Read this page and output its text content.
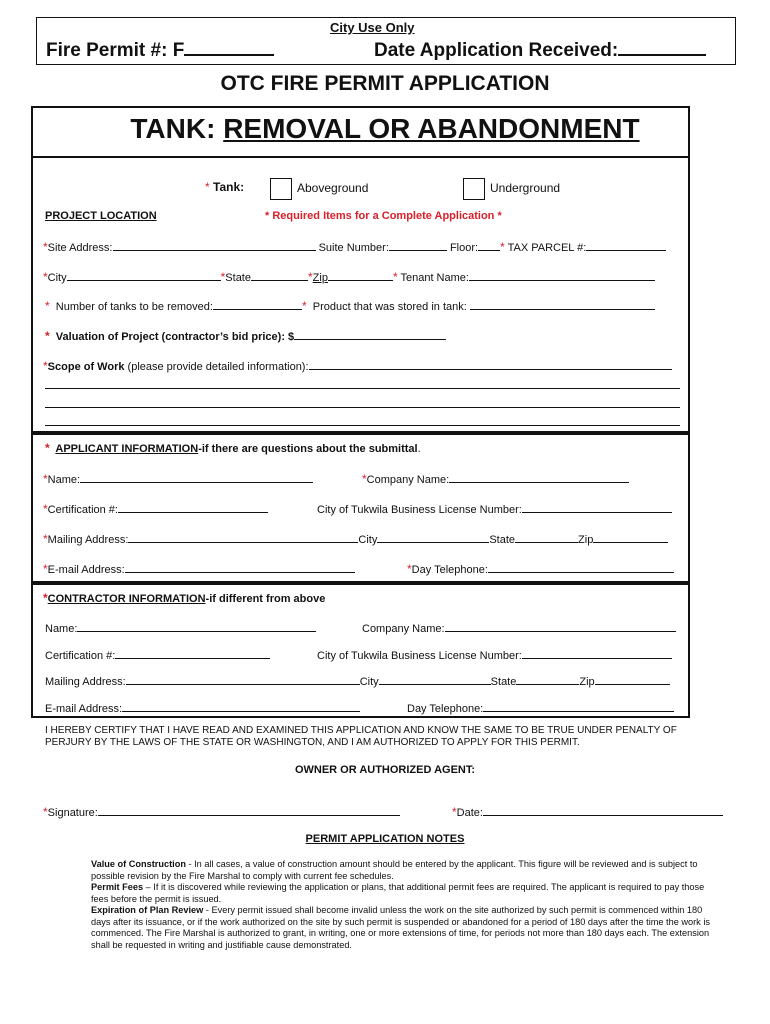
City Use Only
Fire Permit #: F	Date Application Received:
OTC FIRE PERMIT APPLICATION
TANK: REMOVAL OR ABANDONMENT
* Tank:	Aboveground	Underground
PROJECT LOCATION	* Required Items for a Complete Application *
*Site Address:	Suite Number:	Floor: * TAX PARCEL #:
*City	*State	*Zip	* Tenant Name:
* Number of tanks to be removed:	* Product that was stored in tank:
* Valuation of Project (contractor’s bid price): $
*Scope of Work (please provide detailed information):
* APPLICANT INFORMATION-if there are questions about the submittal.
*Name:	*Company Name:
*Certification #:	City of Tukwila Business License Number:
*Mailing Address:	City	State	Zip
*E-mail Address:	*Day Telephone:
*CONTRACTOR INFORMATION-if different from above
Name:	Company Name:
Certification #:	City of Tukwila Business License Number:
Mailing Address:	City	State	Zip
E-mail Address:	Day Telephone:
I HEREBY CERTIFY THAT I HAVE READ AND EXAMINED THIS APPLICATION AND KNOW THE SAME TO BE TRUE UNDER PENALTY OF PERJURY BY THE LAWS OF THE STATE OR WASHINGTON, AND I AM AUTHORIZED TO APPLY FOR THIS PERMIT.
OWNER OR AUTHORIZED AGENT:
*Signature:	*Date:
PERMIT APPLICATION NOTES
Value of Construction - In all cases, a value of construction amount should be entered by the applicant. This figure will be reviewed and is subject to possible revision by the Fire Marshal to comply with current fee schedules.
Permit Fees – If it is discovered while reviewing the application or plans, that additional permit fees are required. The applicant is required to pay those fees before the permit is issued.
Expiration of Plan Review - Every permit issued shall become invalid unless the work on the site authorized by such permit is commenced within 180 days after its issuance, or if the work authorized on the site by such permit is suspended or abandoned for a period of 180 days after the time the work is commenced. The Fire Marshal is authorized to grant, in writing, one or more extensions of time, for periods not more than 180 days each. The extension shall be requested in writing and justifiable cause demonstrated.
